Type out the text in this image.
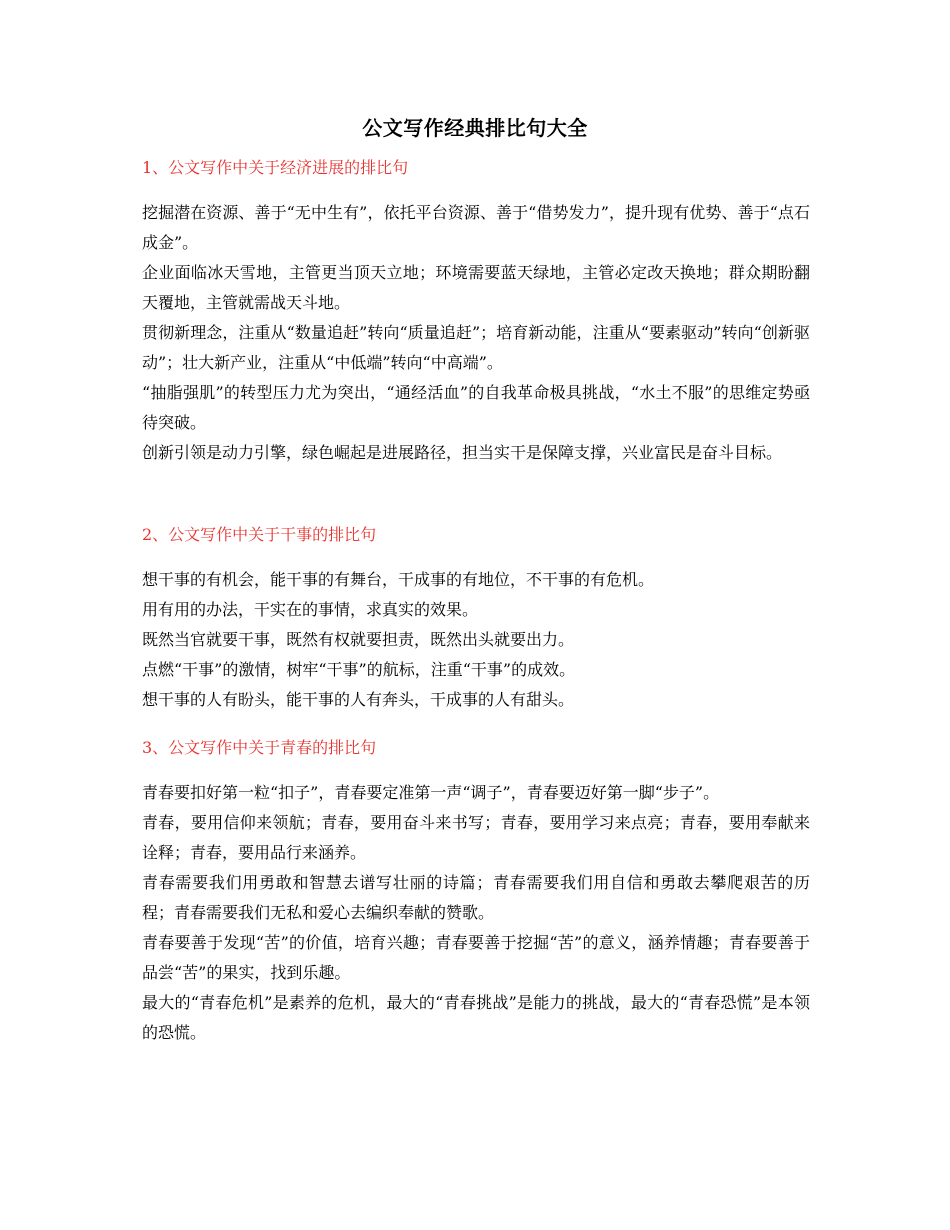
公文写作经典排比句大全

1、公文写作中关于经济进展的排比句

挖掘潜在资源、善于“无中生有”，依托平台资源、善于“借势发力”，提升现有优势、善于“点石成金”。

企业面临冰天雪地，主管更当顶天立地；环境需要蓝天绿地，主管必定改天换地；群众期盼翻天覆地，主管就需战天斗地。

贯彻新理念，注重从“数量追赶”转向“质量追赶”；培育新动能，注重从“要素驱动”转向“创新驱动”；壮大新产业，注重从“中低端”转向“中高端”。

“抽脂强肌”的转型压力尤为突出，“通经活血”的自我革命极具挑战，“水土不服”的思维定势亟待突破。

创新引领是动力引擎，绿色崛起是进展路径，担当实干是保障支撑，兴业富民是奋斗目标。

2、公文写作中关于干事的排比句

想干事的有机会，能干事的有舞台，干成事的有地位，不干事的有危机。

用有用的办法，干实在的事情，求真实的效果。

既然当官就要干事，既然有权就要担责，既然出头就要出力。

点燃“干事”的激情，树牢“干事”的航标，注重“干事”的成效。

想干事的人有盼头，能干事的人有奔头，干成事的人有甜头。

3、公文写作中关于青春的排比句

青春要扣好第一粒“扣子”，青春要定准第一声“调子”，青春要迈好第一脚“步子”。

青春，要用信仰来领航；青春，要用奋斗来书写；青春，要用学习来点亮；青春，要用奉献来诠释；青春，要用品行来涵养。

青春需要我们用勇敢和智慧去谱写壮丽的诗篇；青春需要我们用自信和勇敢去攀爬艰苦的历程；青春需要我们无私和爱心去编织奉献的赞歌。

青春要善于发现“苦”的价值，培育兴趣；青春要善于挖掘“苦”的意义，涵养情趣；青春要善于品尝“苦”的果实，找到乐趣。

最大的“青春危机”是素养的危机，最大的“青春挑战”是能力的挑战，最大的“青春恐慌”是本领的恐慌。
